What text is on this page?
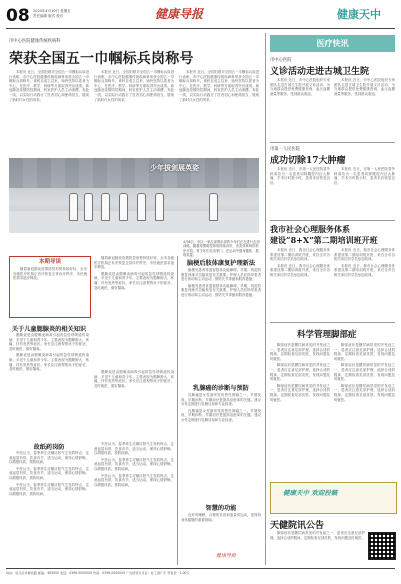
08 2020年4月10日 星期五
责任编辑 版式 校对	健康导报	健康天中
市中心医院健康传统疾病科
荣获全国五一巾帼标兵岗称号

本报讯 近日，全国妇联对全国五一巾帼标兵岗进行表彰，市中心医院健康传统疾病科荣获全国五一巾帼标兵岗称号。该科自成立以来，始终坚持以患者为中心，在医疗、教学、科研等方面取得突出成绩。新冠肺炎疫情防控期间，科室医护人员主动请缨，奔赴一线，以实际行动践行了医者初心和使命担当，展现了新时代女性的风采。

本报讯 近日，全国妇联对全国五一巾帼标兵岗进行表彰，市中心医院健康传统疾病科荣获全国五一巾帼标兵岗称号。该科自成立以来，始终坚持以患者为中心，在医疗、教学、科研等方面取得突出成绩。新冠肺炎疫情防控期间，科室医护人员主动请缨，奔赴一线，以实际行动践行了医者初心和使命担当，展现了新时代女性的风采。

本报讯 近日，全国妇联对全国五一巾帼标兵岗进行表彰，市中心医院健康传统疾病科荣获全国五一巾帼标兵岗称号。该科自成立以来，始终坚持以患者为中心，在医疗、教学、科研等方面取得突出成绩。新冠肺炎疫情防控期间，科室医护人员主动请缨，奔赴一线，以实际行动践行了医者初心和使命担当，展现了新时代女性的风采。

少年拔剑展英姿
4月6日，市区一家击剑俱乐部的少年们正在进行击剑训练。随着疫情防控形势持续向好，各类体育场馆有序开放，青少年们走出家门，在运动中强身健体，展现英姿。
本期导读

随着新冠肺炎疫情防控形势持续好转，全市各级医疗机构正有序恢复正常诊疗秩序，市民就医需求逐步释放。

随着新冠肺炎疫情防控形势持续好转，全市各级医疗机构正有序恢复正常诊疗秩序，市民就医需求逐步释放。

腮腺炎是由腮腺炎病毒引起的急性呼吸道传染病，多见于儿童和青少年。主要表现为腮腺肿大、疼痛，伴有发热等症状。家长应注意观察孩子的症状，及时就医，做好隔离。

关于儿童腮腺炎的相关知识

腮腺炎是由腮腺炎病毒引起的急性呼吸道传染病，多见于儿童和青少年。主要表现为腮腺肿大、疼痛，伴有发热等症状。家长应注意观察孩子的症状，及时就医，做好隔离。

腮腺炎是由腮腺炎病毒引起的急性呼吸道传染病，多见于儿童和青少年。主要表现为腮腺肿大、疼痛，伴有发热等症状。家长应注意观察孩子的症状，及时就医，做好隔离。

腮腺炎是由腮腺炎病毒引起的急性呼吸道传染病，多见于儿童和青少年。主要表现为腮腺肿大、疼痛，伴有发热等症状。家长应注意观察孩子的症状，及时就医，做好隔离。

故纸药岗防

中医认为，春季养生应顺应阳气生发的特点，注意起居有常，饮食有节，适当运动，保持心情舒畅，以增强体质，预防疾病。

中医认为，春季养生应顺应阳气生发的特点，注意起居有常，饮食有节，适当运动，保持心情舒畅，以增强体质，预防疾病。

中医认为，春季养生应顺应阳气生发的特点，注意起居有常，饮食有节，适当运动，保持心情舒畅，以增强体质，预防疾病。

中医认为，春季养生应顺应阳气生发的特点，注意起居有常，饮食有节，适当运动，保持心情舒畅，以增强体质，预防疾病。

中医认为，春季养生应顺应阳气生发的特点，注意起居有常，饮食有节，适当运动，保持心情舒畅，以增强体质，预防疾病。

中医认为，春季养生应顺应阳气生发的特点，注意起居有常，饮食有节，适当运动，保持心情舒畅，以增强体质，预防疾病。

脑梗后肢体康复护理新法

脑梗死患者常遗留肢体功能障碍，早期、规范的康复训练对功能恢复至关重要。护理人员应指导患者进行被动和主动运动，预防关节挛缩和肌肉萎缩。

脑梗死患者常遗留肢体功能障碍，早期、规范的康复训练对功能恢复至关重要。护理人员应指导患者进行被动和主动运动，预防关节挛缩和肌肉萎缩。

乳腺癌的诊断与预防

乳腺癌是女性最常见的恶性肿瘤之一。早期发现、早期诊断、早期治疗是提高治愈率的关键。建议女性定期进行乳腺自检和专业检查。

乳腺癌是女性最常见的恶性肿瘤之一。早期发现、早期诊断、早期治疗是提高治愈率的关键。建议女性定期进行乳腺自检和专业检查。

智慧的功能

良好的睡眠、合理的饮食和适量的运动，是保持身体健康的重要基础。

健康导报
医疗快讯
市中心医院
义诊活动走进古城卫生院

本报讯 近日，市中心医院组织专家团队走进古城卫生院开展义诊活动，为当地群众提供免费健康咨询、血压血糖测量等服务，受到群众欢迎。

本报讯 近日，市中心医院组织专家团队走进古城卫生院开展义诊活动，为当地群众提供免费健康咨询、血压血糖测量等服务，受到群众欢迎。

市第一人民医院
成功切除17大肿瘤

本报讯 近日，市第一人民医院普外科成功为一名患者切除腹腔内巨大肿瘤，手术历时数小时，患者术后恢复良好。

本报讯 近日，市第一人民医院普外科成功为一名患者切除腹腔内巨大肿瘤，手术历时数小时，患者术后恢复良好。

我市社会心理服务体系
建设“8+X”第二期培训班开班

本报讯 近日，我市社会心理服务体系建设第二期培训班开班，来自全市各相关单位的学员参加培训。

本报讯 近日，我市社会心理服务体系建设第二期培训班开班，来自全市各相关单位的学员参加培训。

本报讯 近日，我市社会心理服务体系建设第二期培训班开班，来自全市各相关单位的学员参加培训。

本报讯 近日，我市社会心理服务体系建设第二期培训班开班，来自全市各相关单位的学员参加培训。

科学管理脚部症

脚部症状是糖尿病常见的并发症之一，患者应注意足部护理，选择合适的鞋袜，定期检查足部皮肤，发现问题及时就医。

脚部症状是糖尿病常见的并发症之一，患者应注意足部护理，选择合适的鞋袜，定期检查足部皮肤，发现问题及时就医。

脚部症状是糖尿病常见的并发症之一，患者应注意足部护理，选择合适的鞋袜，定期检查足部皮肤，发现问题及时就医。

脚部症状是糖尿病常见的并发症之一，患者应注意足部护理，选择合适的鞋袜，定期检查足部皮肤，发现问题及时就医。

脚部症状是糖尿病常见的并发症之一，患者应注意足部护理，选择合适的鞋袜，定期检查足部皮肤，发现问题及时就医。

脚部症状是糖尿病常见的并发症之一，患者应注意足部护理，选择合适的鞋袜，定期检查足部皮肤，发现问题及时就医。

健康天中 欢迎投稿
天健院讯公告

脚部症状是糖尿病常见的并发症之一，患者应注意足部护理，选择合适的鞋袜，定期检查足部皮肤，发现问题及时就医。

地址：驻马店市解放路 邮编：463000 电话：0396-0000000 传真：0396-0000000 广告经营许可证：驻工商广字 零售价：1.00元
